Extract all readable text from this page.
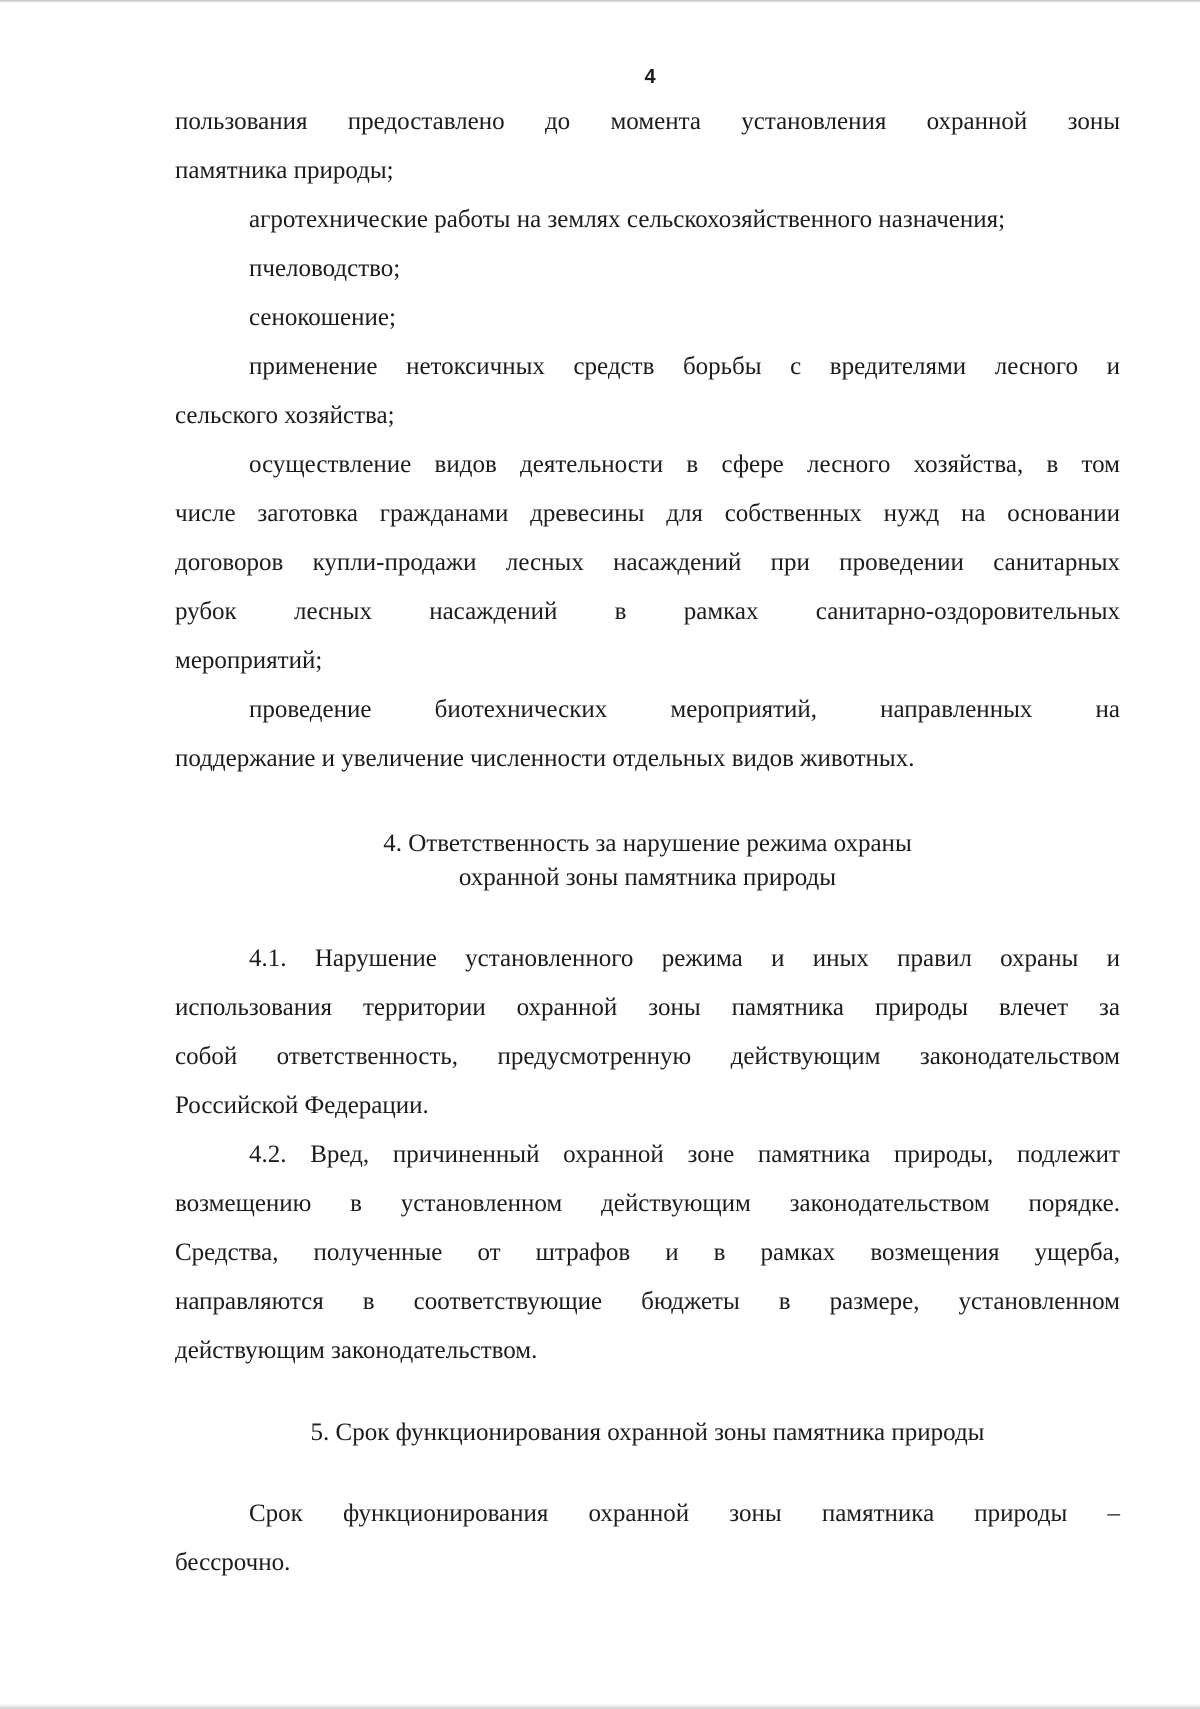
4
пользования предоставлено до момента установления охранной зоны
памятника природы;
агротехнические работы на землях сельскохозяйственного назначения;
пчеловодство;
сенокошение;
применение нетоксичных средств борьбы с вредителями лесного и
сельского хозяйства;
осуществление видов деятельности в сфере лесного хозяйства, в том
числе заготовка гражданами древесины для собственных нужд на основании
договоров купли-продажи лесных насаждений при проведении санитарных
рубок лесных насаждений в рамках санитарно-оздоровительных
мероприятий;
проведение биотехнических мероприятий, направленных на
поддержание и увеличение численности отдельных видов животных.
4. Ответственность за нарушение режима охраны
охранной зоны памятника природы
4.1. Нарушение установленного режима и иных правил охраны и
использования территории охранной зоны памятника природы влечет за
собой ответственность, предусмотренную действующим законодательством
Российской Федерации.
4.2. Вред, причиненный охранной зоне памятника природы, подлежит
возмещению в установленном действующим законодательством порядке.
Средства, полученные от штрафов и в рамках возмещения ущерба,
направляются в соответствующие бюджеты в размере, установленном
действующим законодательством.
5. Срок функционирования охранной зоны памятника природы
Срок функционирования охранной зоны памятника природы –
бессрочно.
